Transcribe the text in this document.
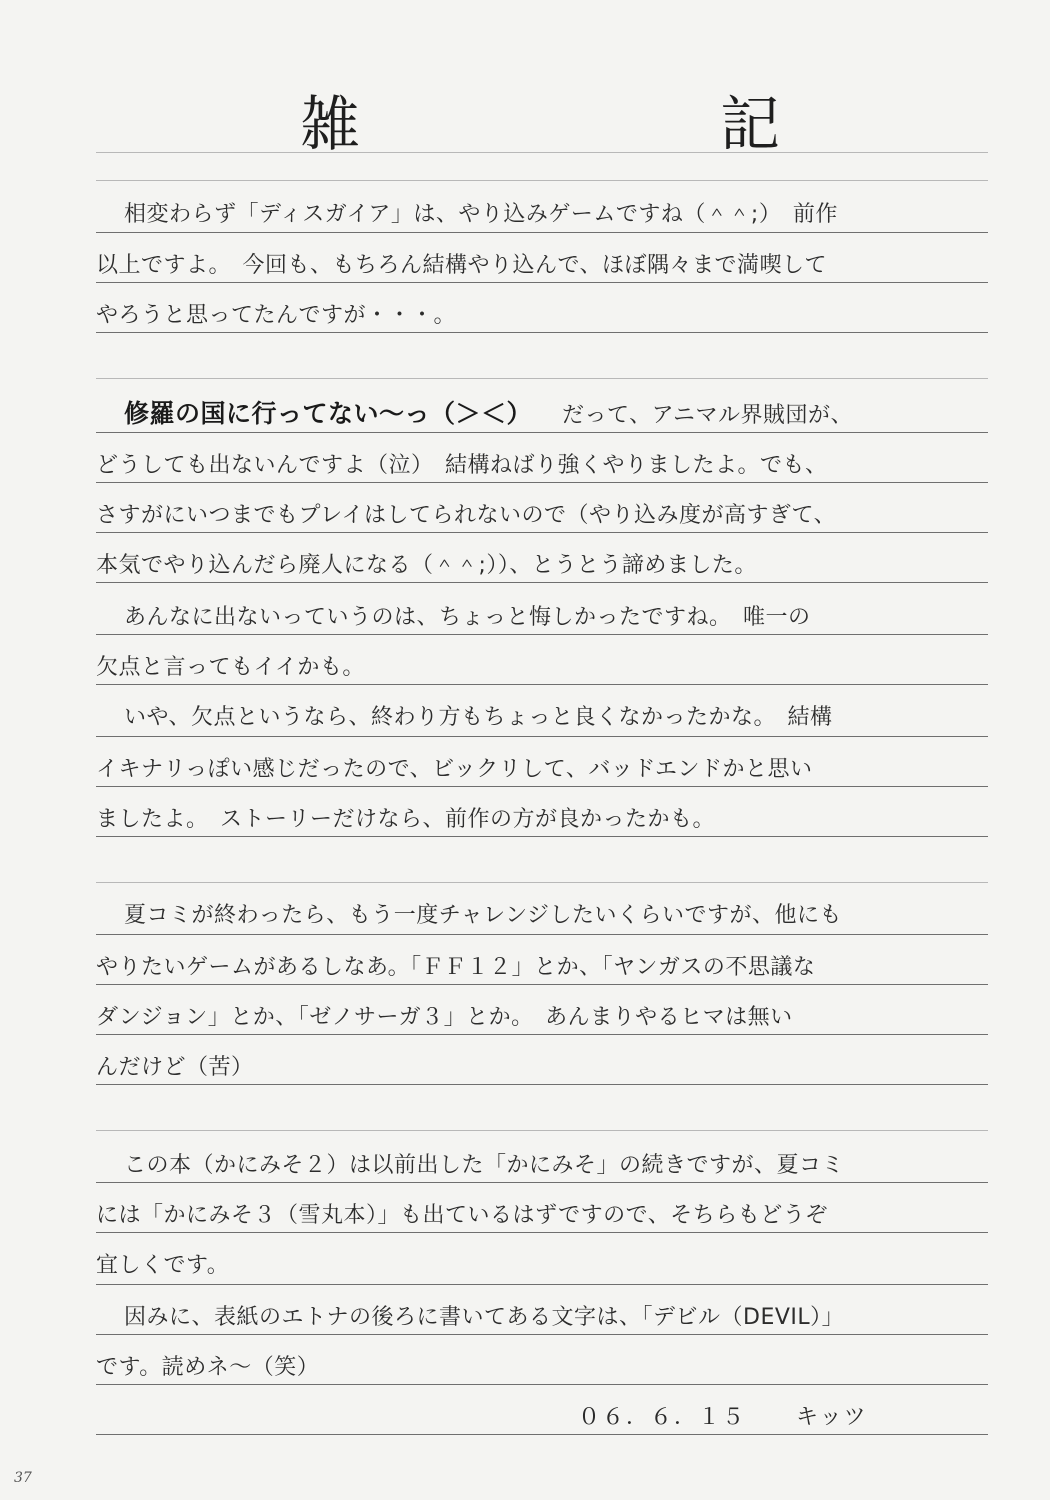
雑	記
相変わらず「ディスガイア」は、やり込みゲームですね（＾＾;）　前作
以上ですよ。　今回も、もちろん結構やり込んで、ほぼ隅々まで満喫して
やろうと思ってたんですが・・・。
修羅の国に行ってない〜っ（＞＜） だって、アニマル界賊団が、
どうしても出ないんですよ（泣）　結構ねばり強くやりましたよ。でも、
さすがにいつまでもプレイはしてられないので（やり込み度が高すぎて、
本気でやり込んだら廃人になる（＾＾;））、とうとう諦めました。
あんなに出ないっていうのは、ちょっと悔しかったですね。　唯一の
欠点と言ってもイイかも。
いや、欠点というなら、終わり方もちょっと良くなかったかな。　結構
イキナリっぽい感じだったので、ビックリして、バッドエンドかと思い
ましたよ。　ストーリーだけなら、前作の方が良かったかも。
夏コミが終わったら、もう一度チャレンジしたいくらいですが、他にも
やりたいゲームがあるしなあ。「ＦＦ１２」とか、「ヤンガスの不思議な
ダンジョン」とか、「ゼノサーガ３」とか。　あんまりやるヒマは無い
んだけど（苦）
この本（かにみそ２）は以前出した「かにみそ」の続きですが、夏コミ
には「かにみそ３（雪丸本）」も出ているはずですので、そちらもどうぞ
宜しくです。
因みに、表紙のエトナの後ろに書いてある文字は、「デビル（DEVIL）」
です。読めネ〜（笑）
０６．６．１５ キッツ
37
